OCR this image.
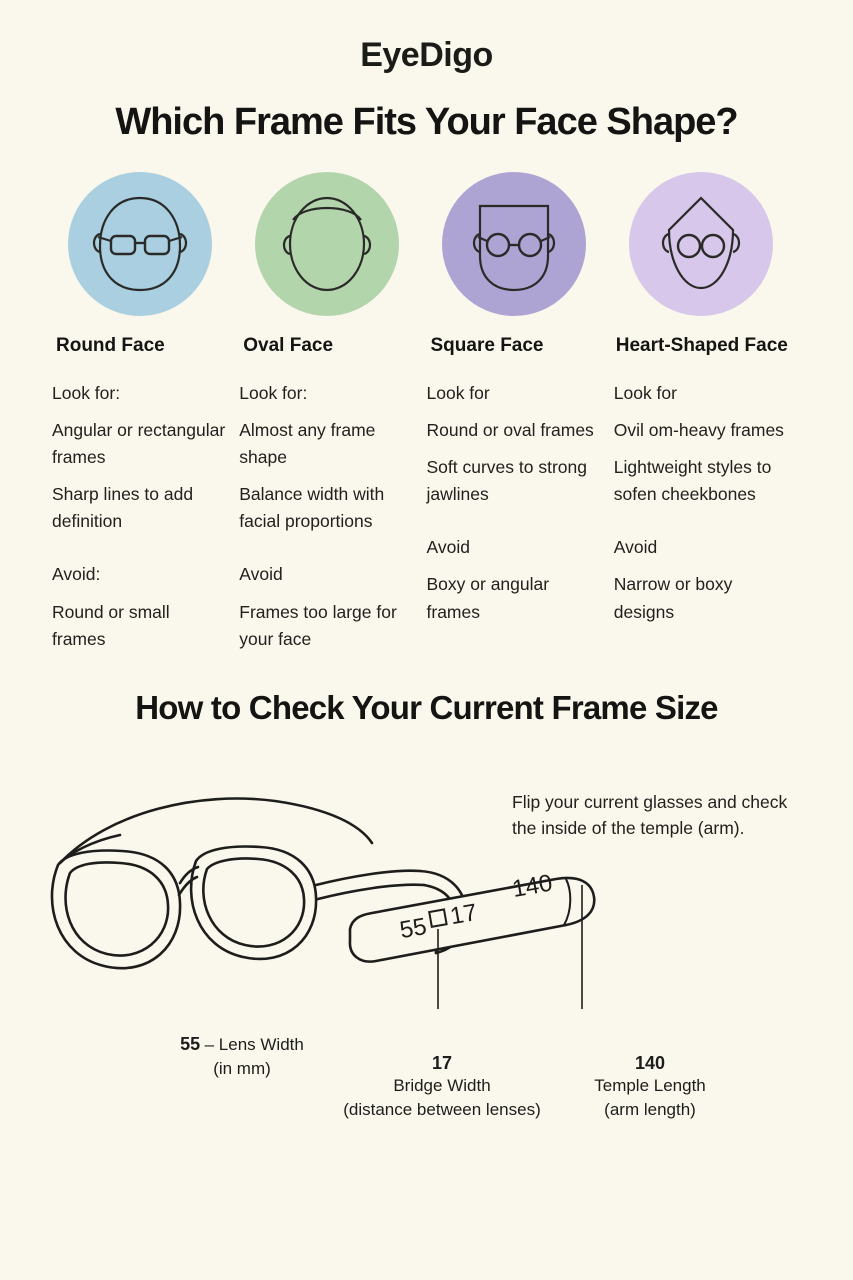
EyeDigo
Which Frame Fits Your Face Shape?
Round Face
Look for:
Angular or rectangular frames
Sharp lines to add definition
Avoid:
Round or small frames
Oval Face
Look for:
Almost any frame shape
Balance width with facial proportions
Avoid
Frames too large for your face
Square Face
Look for
Round or oval frames
Soft curves to strong jawlines
Avoid
Boxy or angular frames
Heart-Shaped Face
Look for
Ovil om-heavy frames
Lightweight styles to sofen cheekbones
Avoid
Narrow or boxy designs
How to Check Your Current Frame Size
Flip your current glasses and check the inside of the temple (arm).
55 17
140
55 – Lens Width
(in mm)	17
Bridge Width
(distance between lenses)
140
Temple Length
(arm length)
